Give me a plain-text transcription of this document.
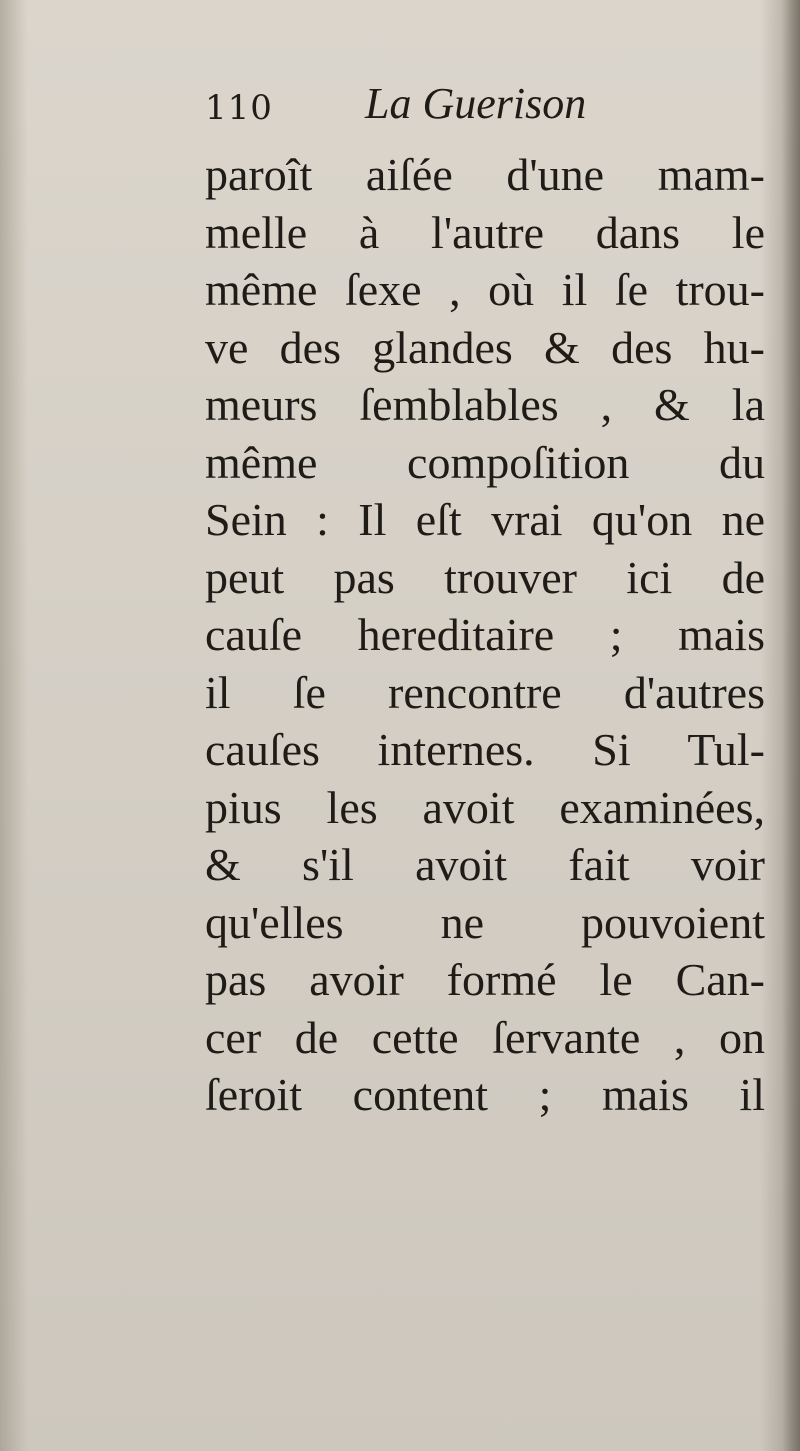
110 La Guerison
paroît aiſée d'une mam-
melle à l'autre dans le
même ſexe , où il ſe trou-
ve des glandes & des hu-
meurs ſemblables , & la
même compoſition du
Sein : Il eſt vrai qu'on ne
peut pas trouver ici de
cauſe hereditaire ; mais
il ſe rencontre d'autres
cauſes internes. Si Tul-
pius les avoit examinées,
& s'il avoit fait voir
qu'elles ne pouvoient
pas avoir formé le Can-
cer de cette ſervante , on
ſeroit content ; mais il
